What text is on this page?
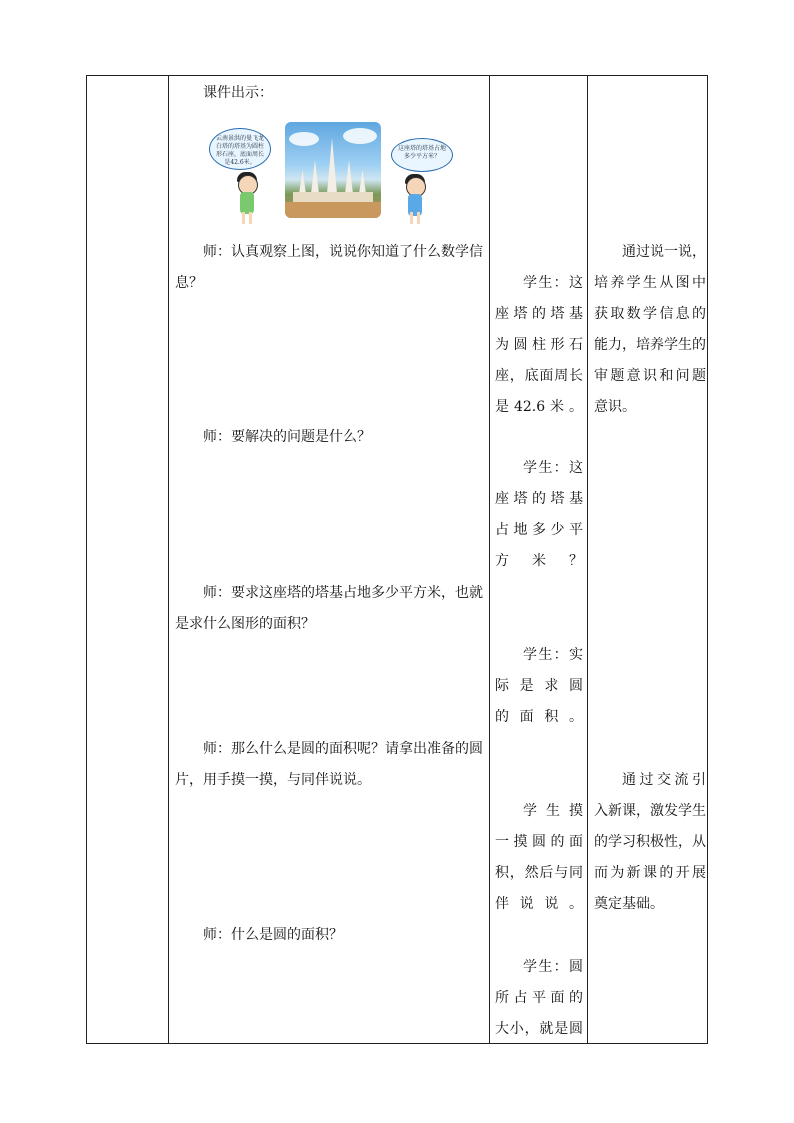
课件出示：

云南景洪的曼飞龙白塔的塔基为圆柱形石座，底面周长是42.6米。
这座塔的塔基占地多少平方米？

师：认真观察上图，说说你知道了什么数学信息？

师：要解决的问题是什么？

师：要求这座塔的塔基占地多少平方米，也就是求什么图形的面积？

师：那么什么是圆的面积呢？请拿出准备的圆片，用手摸一摸，与同伴说说。

师：什么是圆的面积？

学生：这
座塔的塔基
为圆柱形石
座，底面周长
是42.6米。
学生：这
座塔的塔基
占地多少平
方米？
学生：实
际是求圆
的面积。
学生摸
一摸圆的面
积，然后与同
伴说说。
学生：圆
所占平面的
大小，就是圆
通过说一说，
培养学生从图中
获取数学信息的
能力，培养学生的
审题意识和问题
意识。
通过交流引
入新课，激发学生
的学习积极性，从
而为新课的开展
奠定基础。
